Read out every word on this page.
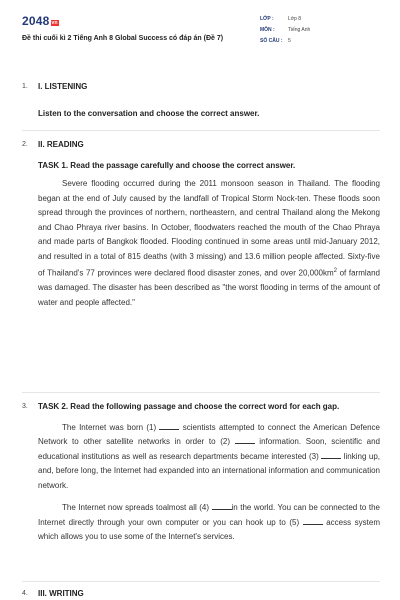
2048 vn
Đề thi cuối kì 2 Tiếng Anh 8 Global Success có đáp án (Đề 7)
LỚP :	Lớp 8
MÔN :	Tiếng Anh
SỐ CÂU :	5
1. I. LISTENING
Listen to the conversation and choose the correct answer.
2. II. READING
TASK 1. Read the passage carefully and choose the correct answer.
Severe flooding occurred during the 2011 monsoon season in Thailand. The flooding began at the end of July caused by the landfall of Tropical Storm Nock-ten. These floods soon spread through the provinces of northern, northeastern, and central Thailand along the Mekong and Chao Phraya river basins. In October, floodwaters reached the mouth of the Chao Phraya and made parts of Bangkok flooded. Flooding continued in some areas until mid-January 2012, and resulted in a total of 815 deaths (with 3 missing) and 13.6 million people affected. Sixty-five of Thailand's 77 provinces were declared flood disaster zones, and over $20,000km^2$ of farmland was damaged. The disaster has been described as "the worst flooding in terms of the amount of water and people affected."
3. TASK 2. Read the following passage and choose the correct word for each gap.
The Internet was born (1)	scientists attempted to connect the American Defence Network to other satellite networks in order to (2)	information. Soon, scientific and educational institutions as well as research departments became interested (3)	linking up, and, before long, the Internet had expanded into an international information and communication network.
The Internet now spreads toalmost all (4)	in the world. You can be connected to the Internet directly through your own computer or you can hook up to (5)	access system which allows you to use some of the Internet's services.
4. III. WRITING
